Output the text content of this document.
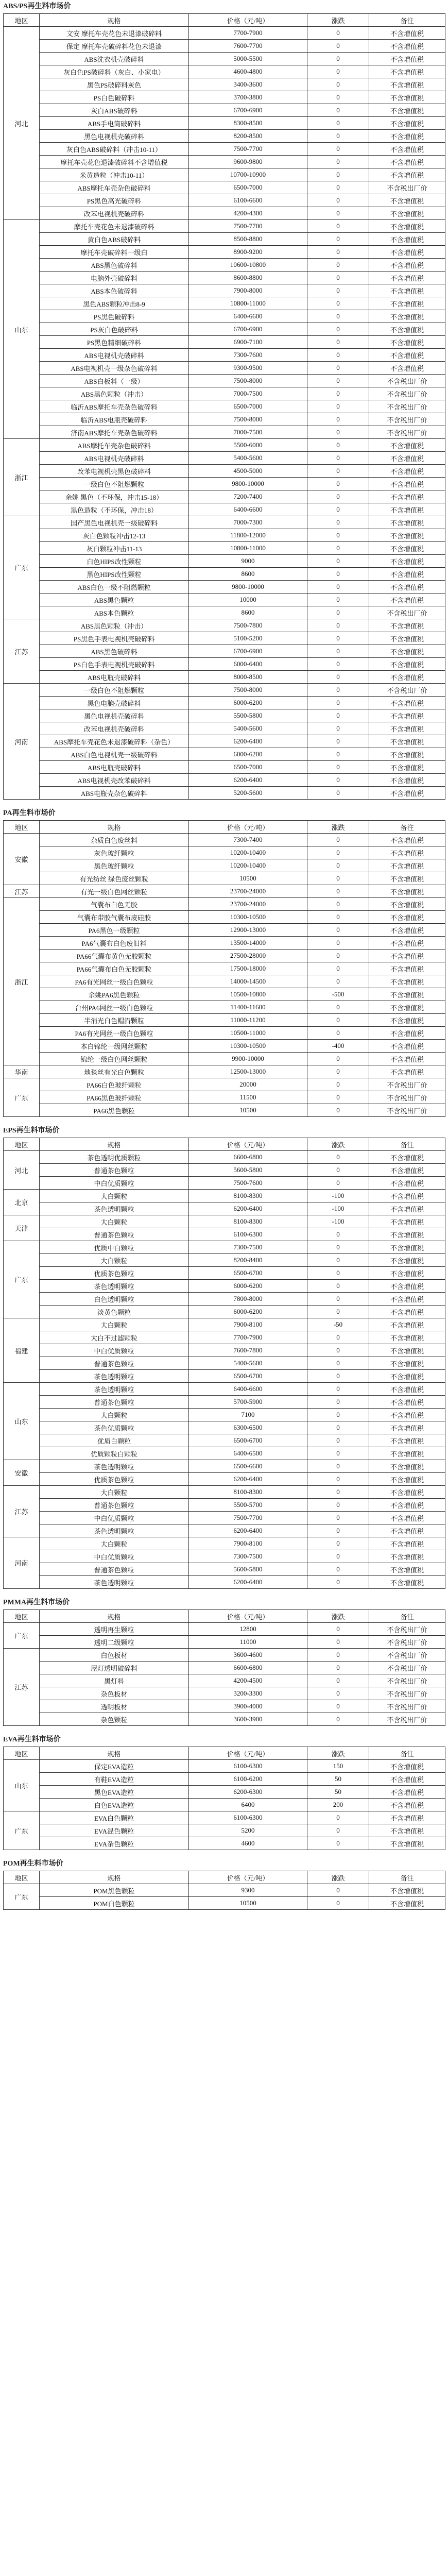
ABS/PS再生料市场价
地区	规格	价格（元/吨）	涨跌	备注
河北	文安 摩托车壳花色未退漆破碎料	7700-7900	0	不含增值税
	保定 摩托车壳破碎料花色未退漆	7600-7700	0	不含增值税
	ABS洗衣机壳破碎料	5000-5500	0	不含增值税
	灰白色PS破碎料（灰白、小家电）	4600-4800	0	不含增值税
	黑色PS破碎料灰色	3400-3600	0	不含增值税
	PS白色破碎料	3700-3800	0	不含增值税
	灰白ABS破碎料	6700-6900	0	不含增值税
	ABS手电筒破碎料	8300-8500	0	不含增值税
	黑色电视机壳破碎料	8200-8500	0	不含增值税
	灰白色ABS破碎料（冲击10-11）	7500-7700	0	不含增值税
	摩托车壳花色退漆破碎料不含增值税	9600-9800	0	不含增值税
	米黄造粒（冲击10-11）	10700-10900	0	不含增值税
	ABS摩托车壳杂色破碎料	6500-7000	0	不含税出厂价
	PS黑色高光破碎料	6100-6600	0	不含增值税
	改苯电视机壳破碎料	4200-4300	0	不含增值税
山东	摩托车壳花色未退漆破碎料	7500-7700	0	不含增值税
	黄白色ABS破碎料	8500-8800	0	不含增值税
	摩托车壳破碎料一级白	8900-9200	0	不含增值税
	ABS黑色破碎料	10600-10800	0	不含增值税
	电脑外壳破碎料	8600-8800	0	不含增值税
	ABS本色破碎料	7900-8000	0	不含增值税
	黑色ABS颗粒冲击8-9	10800-11000	0	不含增值税
	PS黑色破碎料	6400-6600	0	不含增值税
	PS灰白色破碎料	6700-6900	0	不含增值税
	PS黑色精细破碎料	6900-7100	0	不含增值税
	ABS电视机壳破碎料	7300-7600	0	不含增值税
	ABS电视机壳一级杂色破碎料	9300-9500	0	不含增值税
	ABS白板料（一级）	7500-8000	0	不含税出厂价
	ABS黑色颗粒（冲击）	7000-7500	0	不含税出厂价
	临沂ABS摩托车壳杂色破碎料	6500-7000	0	不含税出厂价
	临沂ABS电瓶壳破碎料	7500-8000	0	不含税出厂价
	济南ABS摩托车壳杂色破碎料	7000-7500	0	不含税出厂价
浙江	ABS摩托车壳杂色破碎料	5500-6000	0	不含增值税
	ABS电视机壳破碎料	5400-5600	0	不含增值税
	改苯电视机壳黑色破碎料	4500-5000	0	不含增值税
	一级白色不阻燃颗粒	9800-10000	0	不含增值税
	余姚 黑色（不环保，冲击15-18）	7200-7400	0	不含增值税
	黑色造粒（不环保，冲击18）	6400-6600	0	不含增值税
广东	国产黑色电视机壳一级破碎料	7000-7300	0	不含增值税
	灰白色颗粒冲击12-13	11800-12000	0	不含增值税
	灰白颗粒冲击11-13	10800-11000	0	不含增值税
	白色HIPS改性颗粒	9000	0	不含增值税
	黑色HIPS改性颗粒	8600	0	不含增值税
	ABS白色一级不阻燃颗粒	9800-10000	0	不含增值税
	ABS黑色颗粒	10000	0	不含增值税
	ABS本色颗粒	8600	0	不含税出厂价
江苏	ABS黑色颗粒（冲击）	7500-7800	0	不含增值税
	PS黑色手表电视机壳破碎料	5100-5200	0	不含增值税
	ABS黑色破碎料	6700-6900	0	不含增值税
	PS白色手表电视机壳破碎料	6000-6400	0	不含增值税
	ABS电瓶壳破碎料	8000-8500	0	不含增值税
河南	一级白色不阻燃颗粒	7500-8000	0	不含税出厂价
	黑色电脑壳破碎料	6000-6200	0	不含增值税
	黑色电视机壳破碎料	5500-5800	0	不含增值税
	改苯电视机壳破碎料	5400-5600	0	不含增值税
	ABS摩托车壳花色未退漆破碎料（杂色）	6200-6400	0	不含增值税
	ABS白色电视机壳一级破碎料	6000-6200	0	不含增值税
	ABS电瓶壳破碎料	6500-7000	0	不含增值税
	ABS电视机壳改苯破碎料	6200-6400	0	不含增值税
	ABS电瓶壳杂色破碎料	5200-5600	0	不含增值税
PA再生料市场价
地区	规格	价格（元/吨）	涨跌	备注
安徽	杂质白色废丝料	7300-7400	0	不含增值税
	灰色玻纤颗粒	10200-10400	0	不含增值税
	黑色玻纤颗粒	10200-10400	0	不含增值税
	有光纺丝 绿色废丝颗粒	10500	0	不含增值税
江苏	有光一级白色网丝颗粒	23700-24000	0	不含增值税
浙江	气囊布白色无胶	23700-24000	0	不含增值税
	气囊布带胶气囊布废硅胶	10300-10500	0	不含增值税
	PA6黑色一级颗粒	12900-13000	0	不含增值税
	PA6气囊布白色废旧料	13500-14000	0	不含增值税
	PA66气囊布黄色无胶颗粒	27500-28000	0	不含增值税
	PA66气囊布白色无胶颗粒	17500-18000	0	不含增值税
	PA6有光网丝一级白色颗粒	14000-14500	0	不含增值税
	余姚PA6黑色颗粒	10500-10800	-500	不含增值税
	台州PA6网丝一级白色颗粒	11400-11600	0	不含增值税
	半消光白色帽沿颗粒	11000-11200	0	不含增值税
	PA6有光网丝一级白色颗粒	10500-11000	0	不含增值税
	本白锦纶一级网丝颗粒	10300-10500	-400	不含增值税
	锦纶一级白色网丝颗粒	9900-10000	0	不含增值税
华南	地毯丝有光白色颗粒	12500-13000	0	不含增值税
广东	PA66白色玻纤颗粒	20000	0	不含税出厂价
	PA66黑色玻纤颗粒	11500	0	不含税出厂价
	PA66黑色颗粒	10500	0	不含税出厂价
EPS再生料市场价
地区	规格	价格（元/吨）	涨跌	备注
河北	茶色透明优质颗粒	6600-6800	0	不含增值税
	普通茶色颗粒	5600-5800	0	不含增值税
	中白优质颗粒	7500-7600	0	不含增值税
北京	大白颗粒	8100-8300	-100	不含增值税
	茶色透明颗粒	6200-6400	-100	不含增值税
天津	大白颗粒	8100-8300	-100	不含增值税
	普通茶色颗粒	6100-6300	0	不含增值税
广东	优质中白颗粒	7300-7500	0	不含增值税
	大白颗粒	8200-8400	0	不含增值税
	优质茶色颗粒	6500-6700	0	不含增值税
	茶色透明颗粒	6000-6200	0	不含增值税
	白色透明颗粒	7800-8000	0	不含增值税
	淡黄色颗粒	6000-6200	0	不含增值税
福建	大白颗粒	7900-8100	-50	不含增值税
	大白不过滤颗粒	7700-7900	0	不含增值税
	中白优质颗粒	7600-7800	0	不含增值税
	普通茶色颗粒	5400-5600	0	不含增值税
	茶色透明颗粒	6500-6700	0	不含增值税
山东	茶色透明颗粒	6400-6600	0	不含增值税
	普通茶色颗粒	5700-5900	0	不含增值税
	大白颗粒	7100	0	不含增值税
	茶色优质颗粒	6300-6500	0	不含增值税
	优质白颗粒	6500-6700	0	不含增值税
	优质颗粒白颗粒	6400-6500	0	不含增值税
安徽	茶色透明颗粒	6500-6600	0	不含增值税
	优质茶色颗粒	6200-6400	0	不含增值税
江苏	大白颗粒	8100-8300	0	不含增值税
	普通茶色颗粒	5500-5700	0	不含增值税
	中白优质颗粒	7500-7700	0	不含增值税
	茶色透明颗粒	6200-6400	0	不含增值税
河南	大白颗粒	7900-8100	0	不含增值税
	中白优质颗粒	7300-7500	0	不含增值税
	普通茶色颗粒	5600-5800	0	不含增值税
	茶色透明颗粒	6200-6400	0	不含增值税
PMMA再生料市场价
地区	规格	价格（元/吨）	涨跌	备注
广东	透明再生颗粒	12800	0	不含税出厂价
	透明二级颗粒	11000	0	不含税出厂价
江苏	白色板材	3600-4600	0	不含税出厂价
	屋灯透明破碎料	6600-6800	0	不含税出厂价
	黑灯料	4200-4500	0	不含税出厂价
	杂色板材	3200-3300	0	不含税出厂价
	透明板材	3900-4000	0	不含税出厂价
	杂色颗粒	3600-3900	0	不含税出厂价
EVA再生料市场价
地区	规格	价格（元/吨）	涨跌	备注
山东	保定EVA造粒	6100-6300	150	不含增值税
	有鞋EVA造粒	6100-6200	50	不含增值税
	黑色EVA造粒	6200-6300	50	不含增值税
	白色EVA造粒	6400	200	不含增值税
广东	EVA白色颗粒	6100-6300	0	不含增值税
	EVA混色颗粒	5200	0	不含增值税
	EVA杂色颗粒	4600	0	不含增值税
POM再生料市场价
地区	规格	价格（元/吨）	涨跌	备注
广东	POM黑色颗粒	9300	0	不含增值税
	POM白色颗粒	10500	0	不含增值税
